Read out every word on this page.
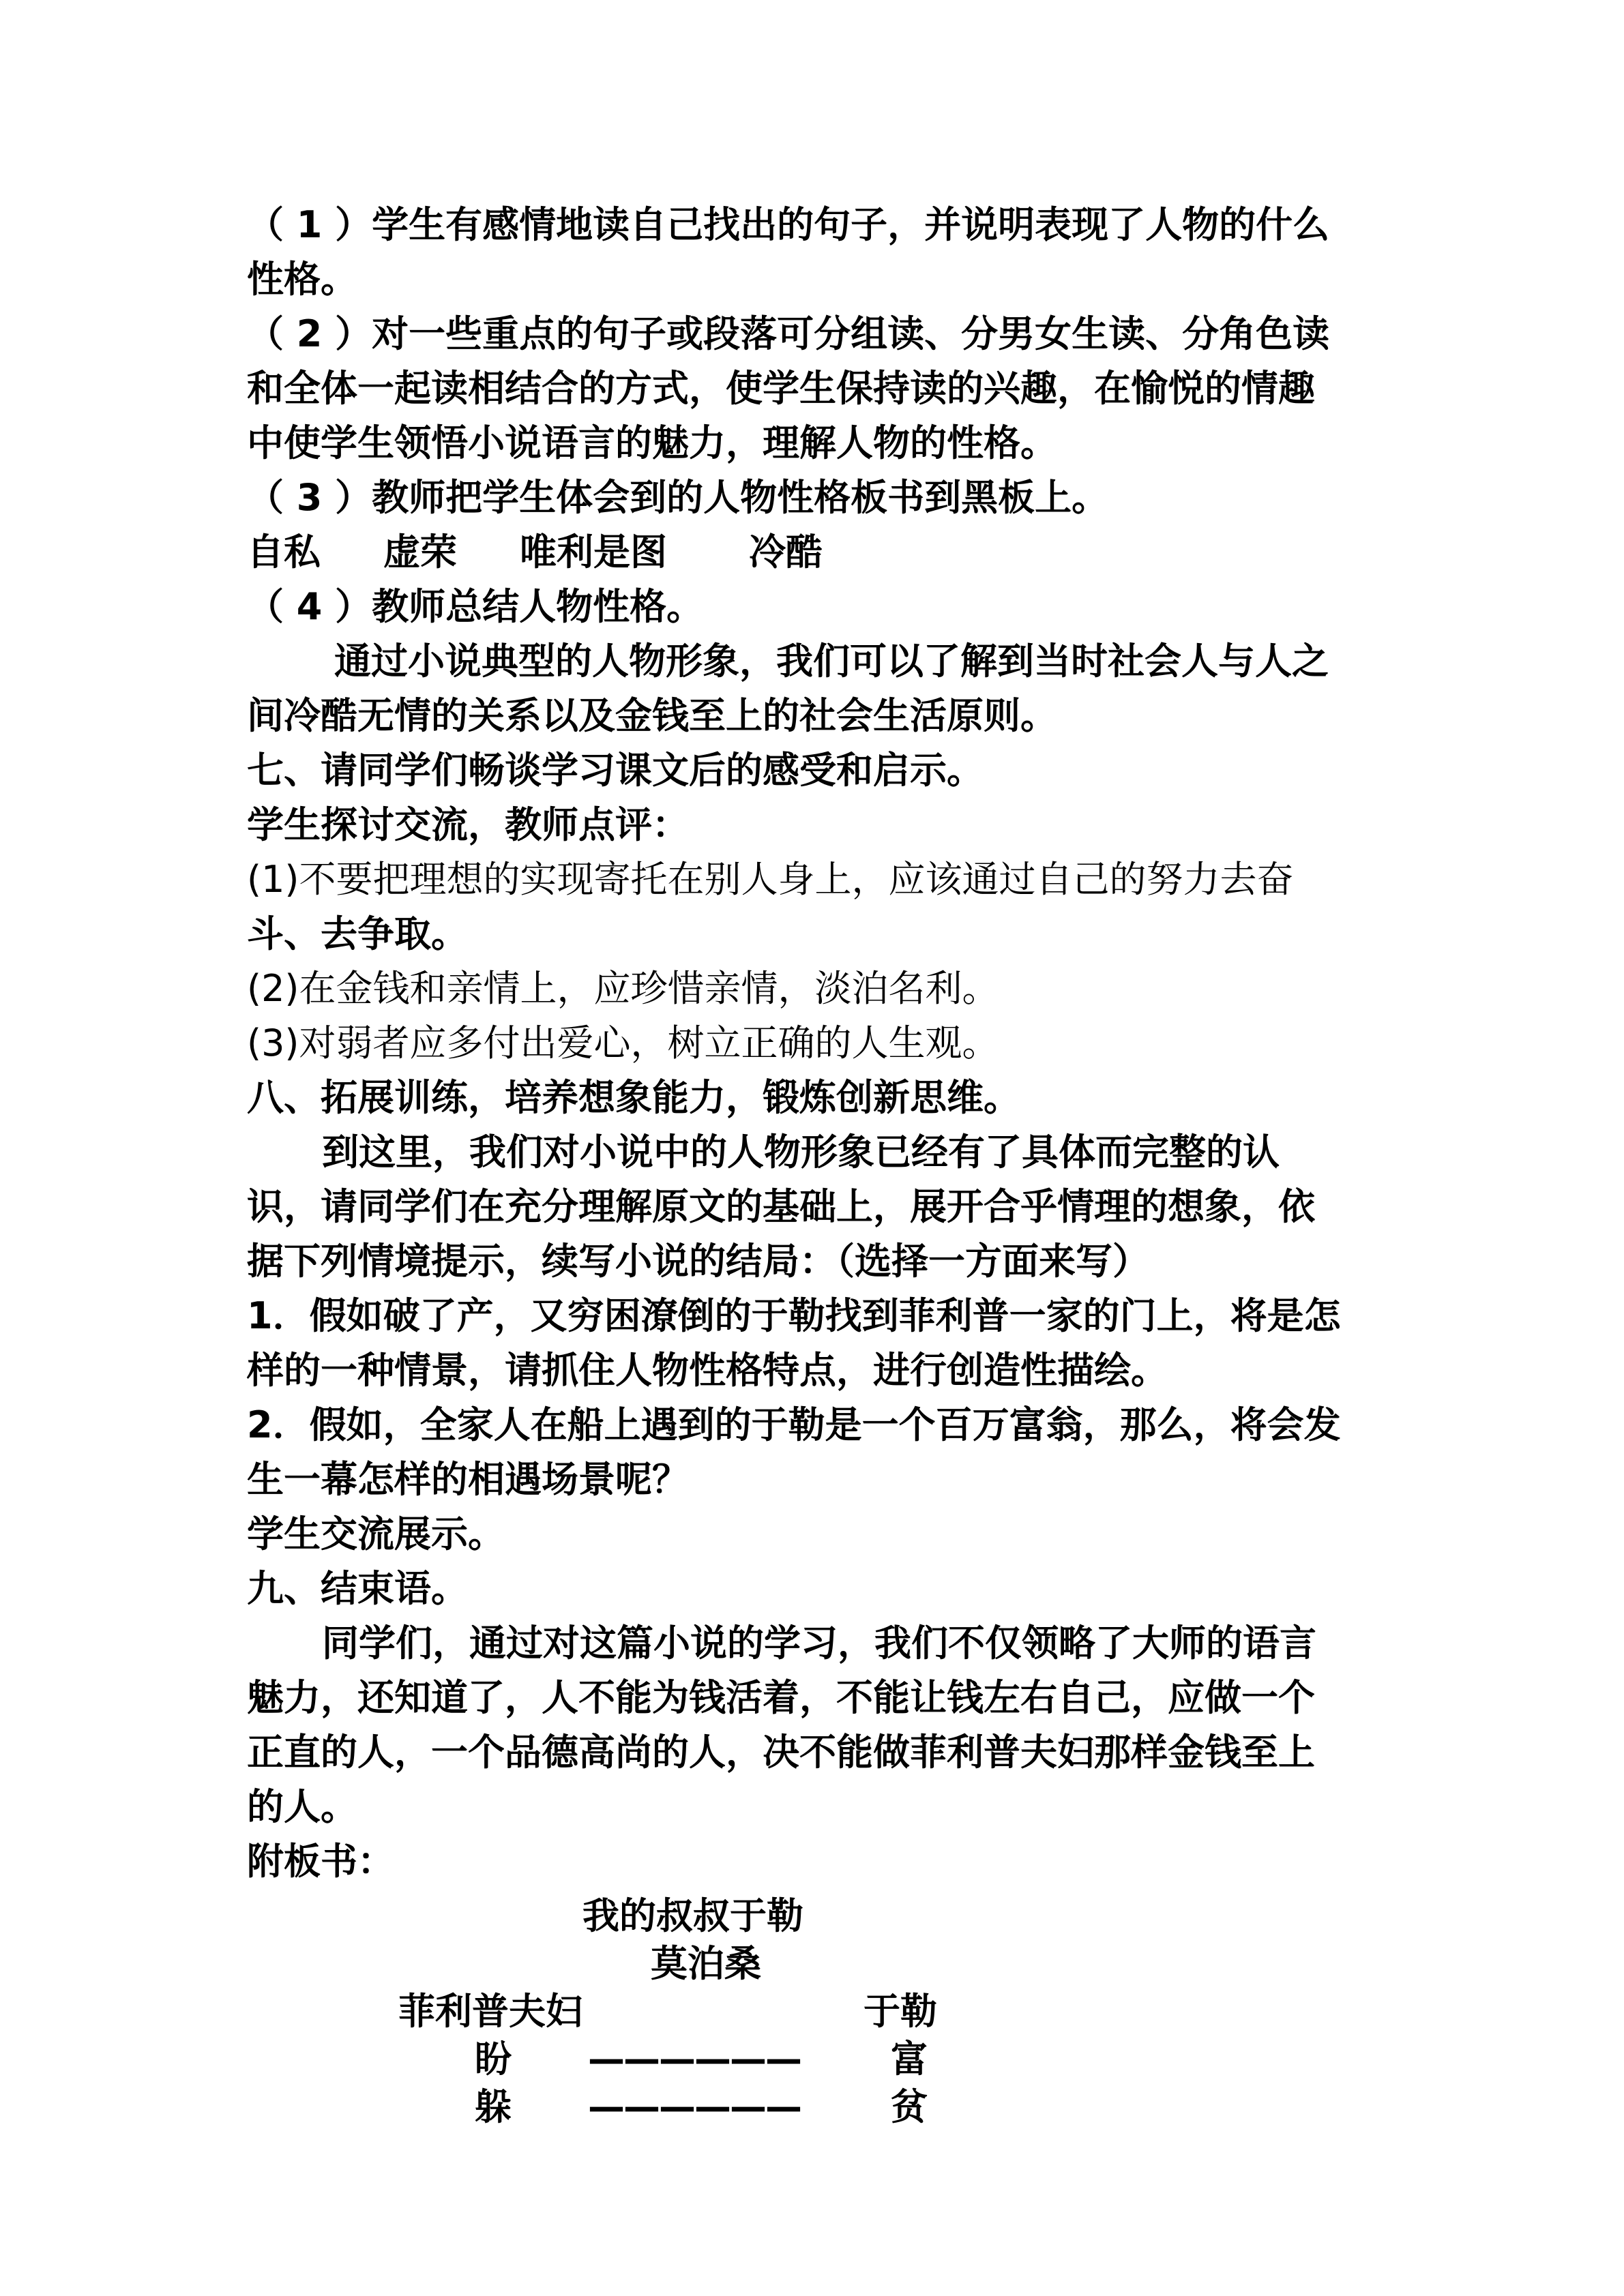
（ 1 ）学生有感情地读自己找出的句子，并说明表现了人物的什么
性格。
（ 2 ）对一些重点的句子或段落可分组读、分男女生读、分角色读
和全体一起读相结合的方式，使学生保持读的兴趣，在愉悦的情趣
中使学生领悟小说语言的魅力，理解人物的性格。
（ 3 ）教师把学生体会到的人物性格板书到黑板上。
自私 虚荣 唯利是图 冷酷
（ 4 ）教师总结人物性格。
通过小说典型的人物形象，我们可以了解到当时社会人与人之
间冷酷无情的关系以及金钱至上的社会生活原则。
七、请同学们畅谈学习课文后的感受和启示。
学生探讨交流，教师点评：
(1)不要把理想的实现寄托在别人身上，应该通过自己的努力去奋
斗、去争取。
(2)在金钱和亲情上，应珍惜亲情，淡泊名利。
(3)对弱者应多付出爱心，树立正确的人生观。
八、拓展训练，培养想象能力，锻炼创新思维。
到这里，我们对小说中的人物形象已经有了具体而完整的认
识，请同学们在充分理解原文的基础上，展开合乎情理的想象，依
据下列情境提示，续写小说的结局：（选择一方面来写）
1．假如破了产，又穷困潦倒的于勒找到菲利普一家的门上，将是怎
样的一种情景，请抓住人物性格特点，进行创造性描绘。
2．假如，全家人在船上遇到的于勒是一个百万富翁，那么，将会发
生一幕怎样的相遇场景呢？
学生交流展示。
九、结束语。
同学们，通过对这篇小说的学习，我们不仅领略了大师的语言
魅力，还知道了，人不能为钱活着，不能让钱左右自己，应做一个
正直的人，一个品德高尚的人，决不能做菲利普夫妇那样金钱至上
的人。
附板书：
我的叔叔于勒
莫泊桑
菲利普夫妇	于勒
盼 —————— 富
躲 —————— 贫
